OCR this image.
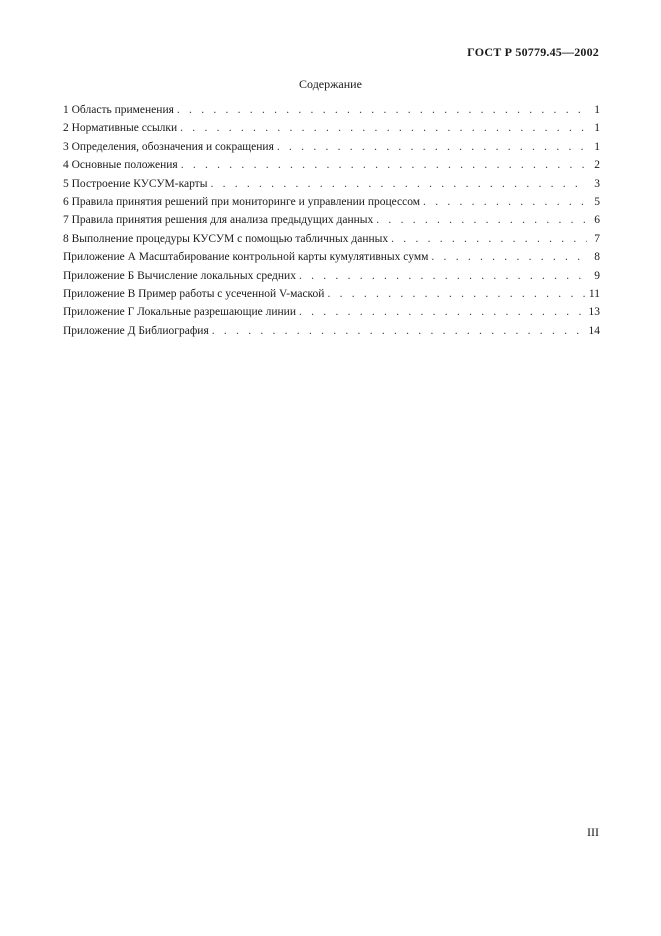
ГОСТ Р 50779.45—2002
Содержание
1 Область применения . . .	1
2 Нормативные ссылки . . .	1
3 Определения, обозначения и сокращения . . .	1
4 Основные положения . . .	2
5 Построение КУСУМ-карты . . .	3
6 Правила принятия решений при мониторинге и управлении процессом . . .	5
7 Правила принятия решения для анализа предыдущих данных . . .	6
8 Выполнение процедуры КУСУМ с помощью табличных данных . . .	7
Приложение А Масштабирование контрольной карты кумулятивных сумм . . .	8
Приложение Б Вычисление локальных средних . . .	9
Приложение В Пример работы с усеченной V-маской . . .	11
Приложение Г Локальные разрешающие линии . . .	13
Приложение Д Библиография . . .	14
III
